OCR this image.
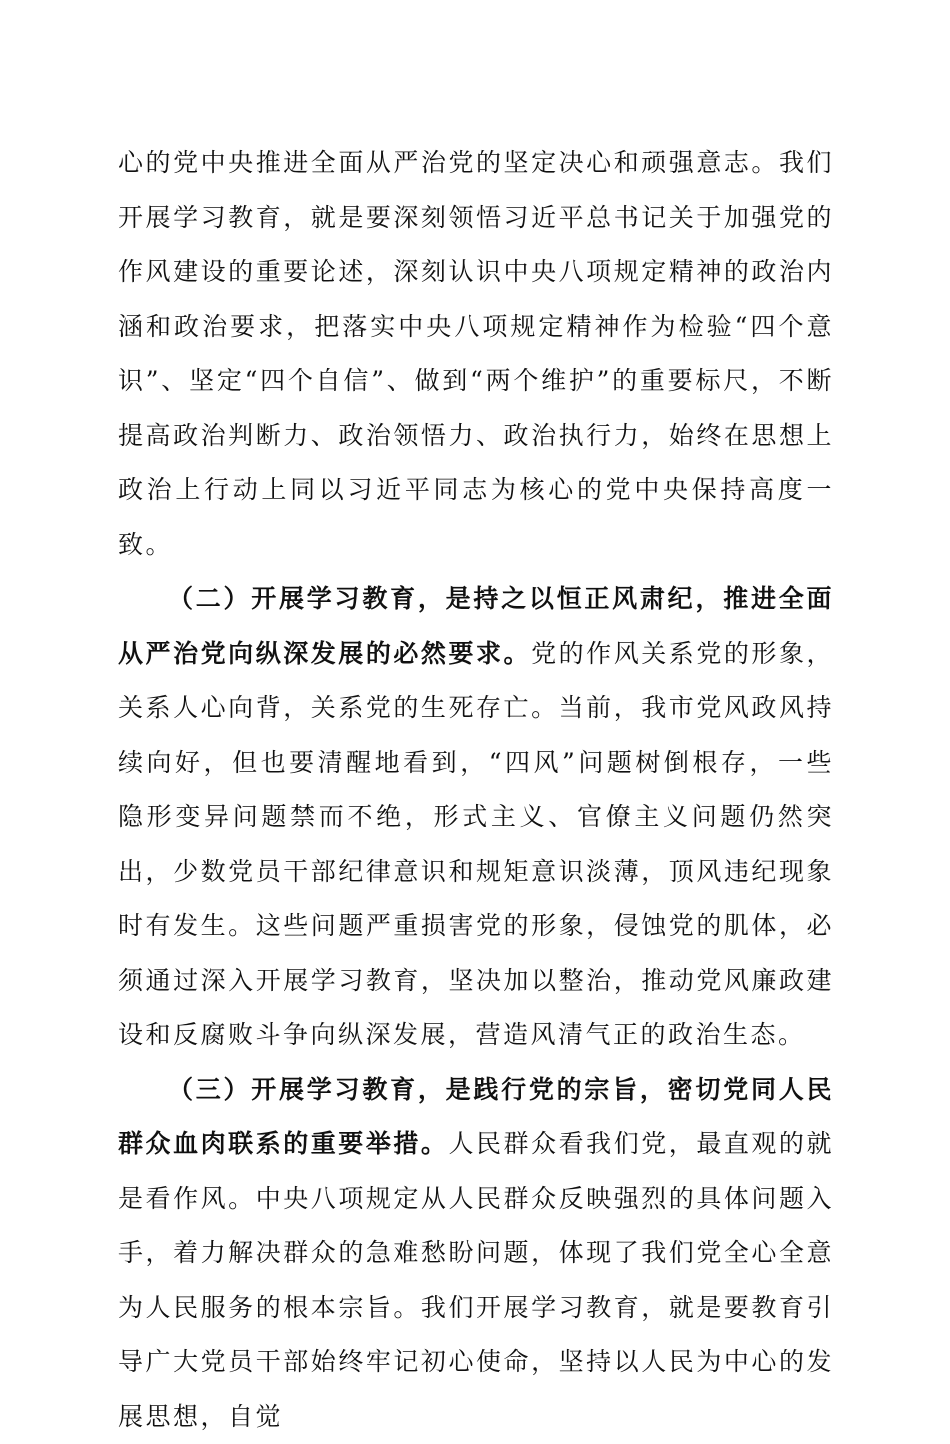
心的党中央推进全面从严治党的坚定决心和顽强意志。我们开展学习教育，就是要深刻领悟习近平总书记关于加强党的作风建设的重要论述，深刻认识中央八项规定精神的政治内涵和政治要求，把落实中央八项规定精神作为检验“四个意识”、坚定“四个自信”、做到“两个维护”的重要标尺，不断提高政治判断力、政治领悟力、政治执行力，始终在思想上政治上行动上同以习近平同志为核心的党中央保持高度一致。

（二）开展学习教育，是持之以恒正风肃纪，推进全面从严治党向纵深发展的必然要求。党的作风关系党的形象，关系人心向背，关系党的生死存亡。当前，我市党风政风持续向好，但也要清醒地看到，“四风”问题树倒根存，一些隐形变异问题禁而不绝，形式主义、官僚主义问题仍然突出，少数党员干部纪律意识和规矩意识淡薄，顶风违纪现象时有发生。这些问题严重损害党的形象，侵蚀党的肌体，必须通过深入开展学习教育，坚决加以整治，推动党风廉政建设和反腐败斗争向纵深发展，营造风清气正的政治生态。

（三）开展学习教育，是践行党的宗旨，密切党同人民群众血肉联系的重要举措。人民群众看我们党，最直观的就是看作风。中央八项规定从人民群众反映强烈的具体问题入手，着力解决群众的急难愁盼问题，体现了我们党全心全意为人民服务的根本宗旨。我们开展学习教育，就是要教育引导广大党员干部始终牢记初心使命，坚持以人民为中心的发展思想，自觉
